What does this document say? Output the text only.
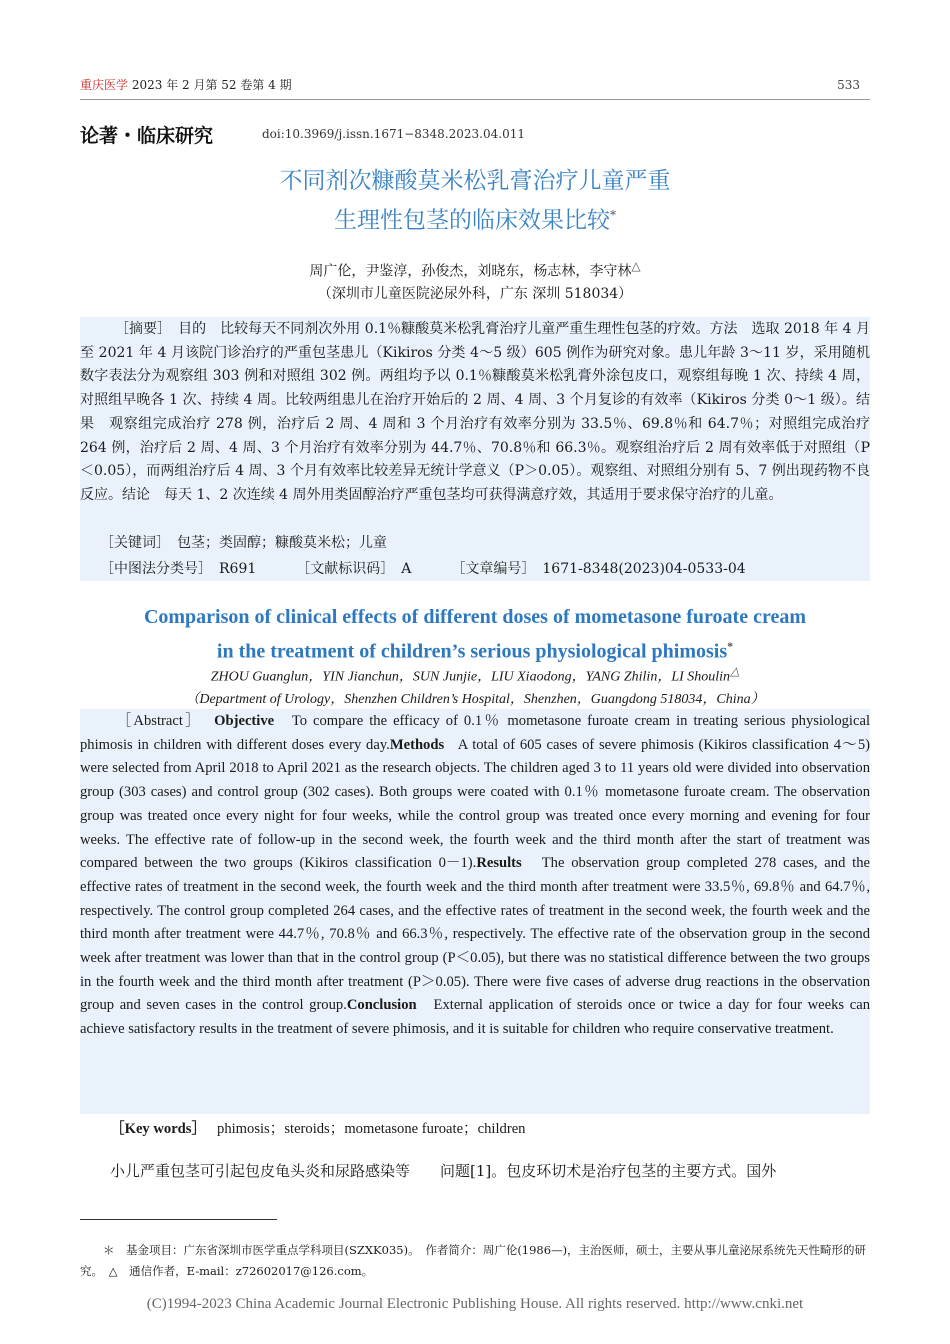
重庆医学 2023 年 2 月第 52 卷第 4 期	533
论著・临床研究	doi:10.3969/j.issn.1671−8348.2023.04.011
不同剂次糠酸莫米松乳膏治疗儿童严重
生理性包茎的临床效果比较*
周广伦，尹鉴淳，孙俊杰，刘晓东，杨志林，李守林△
（深圳市儿童医院泌尿外科，广东 深圳 518034）
［摘要］　目的　比较每天不同剂次外用 0.1％糠酸莫米松乳膏治疗儿童严重生理性包茎的疗效。方法　选取 2018 年 4 月至 2021 年 4 月该院门诊治疗的严重包茎患儿（Kikiros 分类 4～5 级）605 例作为研究对象。患儿年龄 3～11 岁，采用随机数字表法分为观察组 303 例和对照组 302 例。两组均予以 0.1％糠酸莫米松乳膏外涂包皮口，观察组每晚 1 次、持续 4 周，对照组早晚各 1 次、持续 4 周。比较两组患儿在治疗开始后的 2 周、4 周、3 个月复诊的有效率（Kikiros 分类 0～1 级）。结果　观察组完成治疗 278 例，治疗后 2 周、4 周和 3 个月治疗有效率分别为 33.5％、69.8％和 64.7％；对照组完成治疗 264 例，治疗后 2 周、4 周、3 个月治疗有效率分别为 44.7％、70.8％和 66.3％。观察组治疗后 2 周有效率低于对照组（P＜0.05），而两组治疗后 4 周、3 个月有效率比较差异无统计学意义（P＞0.05）。观察组、对照组分别有 5、7 例出现药物不良反应。结论　每天 1、2 次连续 4 周外用类固醇治疗严重包茎均可获得满意疗效，其适用于要求保守治疗的儿童。
［关键词］　包茎；类固醇；糠酸莫米松；儿童
［中图法分类号］　R691	［文献标识码］　A	［文章编号］　1671-8348(2023)04-0533-04
Comparison of clinical effects of different doses of mometasone furoate cream
in the treatment of children’s serious physiological phimosis*
ZHOU Guanglun，YIN Jianchun，SUN Junjie，LIU Xiaodong，YANG Zhilin，LI Shoulin△
（Department of Urology，Shenzhen Children’s Hospital，Shenzhen，Guangdong 518034，China）
［Abstract］ Objective To compare the efficacy of 0.1％ mometasone furoate cream in treating serious physiological phimosis in children with different doses every day.Methods A total of 605 cases of severe phimosis (Kikiros classification 4～5) were selected from April 2018 to April 2021 as the research objects. The children aged 3 to 11 years old were divided into observation group (303 cases) and control group (302 cases). Both groups were coated with 0.1％ mometasone furoate cream. The observation group was treated once every night for four weeks, while the control group was treated once every morning and evening for four weeks. The effective rate of follow-up in the second week, the fourth week and the third month after the start of treatment was compared between the two groups (Kikiros classification 0－1).Results The observation group completed 278 cases, and the effective rates of treatment in the second week, the fourth week and the third month after treatment were 33.5％, 69.8％ and 64.7％, respectively. The control group completed 264 cases, and the effective rates of treatment in the second week, the fourth week and the third month after treatment were 44.7％, 70.8％ and 66.3％, respectively. The effective rate of the observation group in the second week after treatment was lower than that in the control group (P＜0.05), but there was no statistical difference between the two groups in the fourth week and the third month after treatment (P＞0.05). There were five cases of adverse drug reactions in the observation group and seven cases in the control group.Conclusion External application of steroids once or twice a day for four weeks can achieve satisfactory results in the treatment of severe phimosis, and it is suitable for children who require conservative treatment.
［Key words］ phimosis；steroids；mometasone furoate；children
小儿严重包茎可引起包皮龟头炎和尿路感染等　　问题[1]。包皮环切术是治疗包茎的主要方式。国外
＊　基金项目：广东省深圳市医学重点学科项目(SZXK035)。　作者简介：周广伦(1986—)，主治医师，硕士，主要从事儿童泌尿系统先天性畸形的研究。　△　通信作者，E-mail：z72602017@126.com。
(C)1994-2023 China Academic Journal Electronic Publishing House. All rights reserved. http://www.cnki.net
